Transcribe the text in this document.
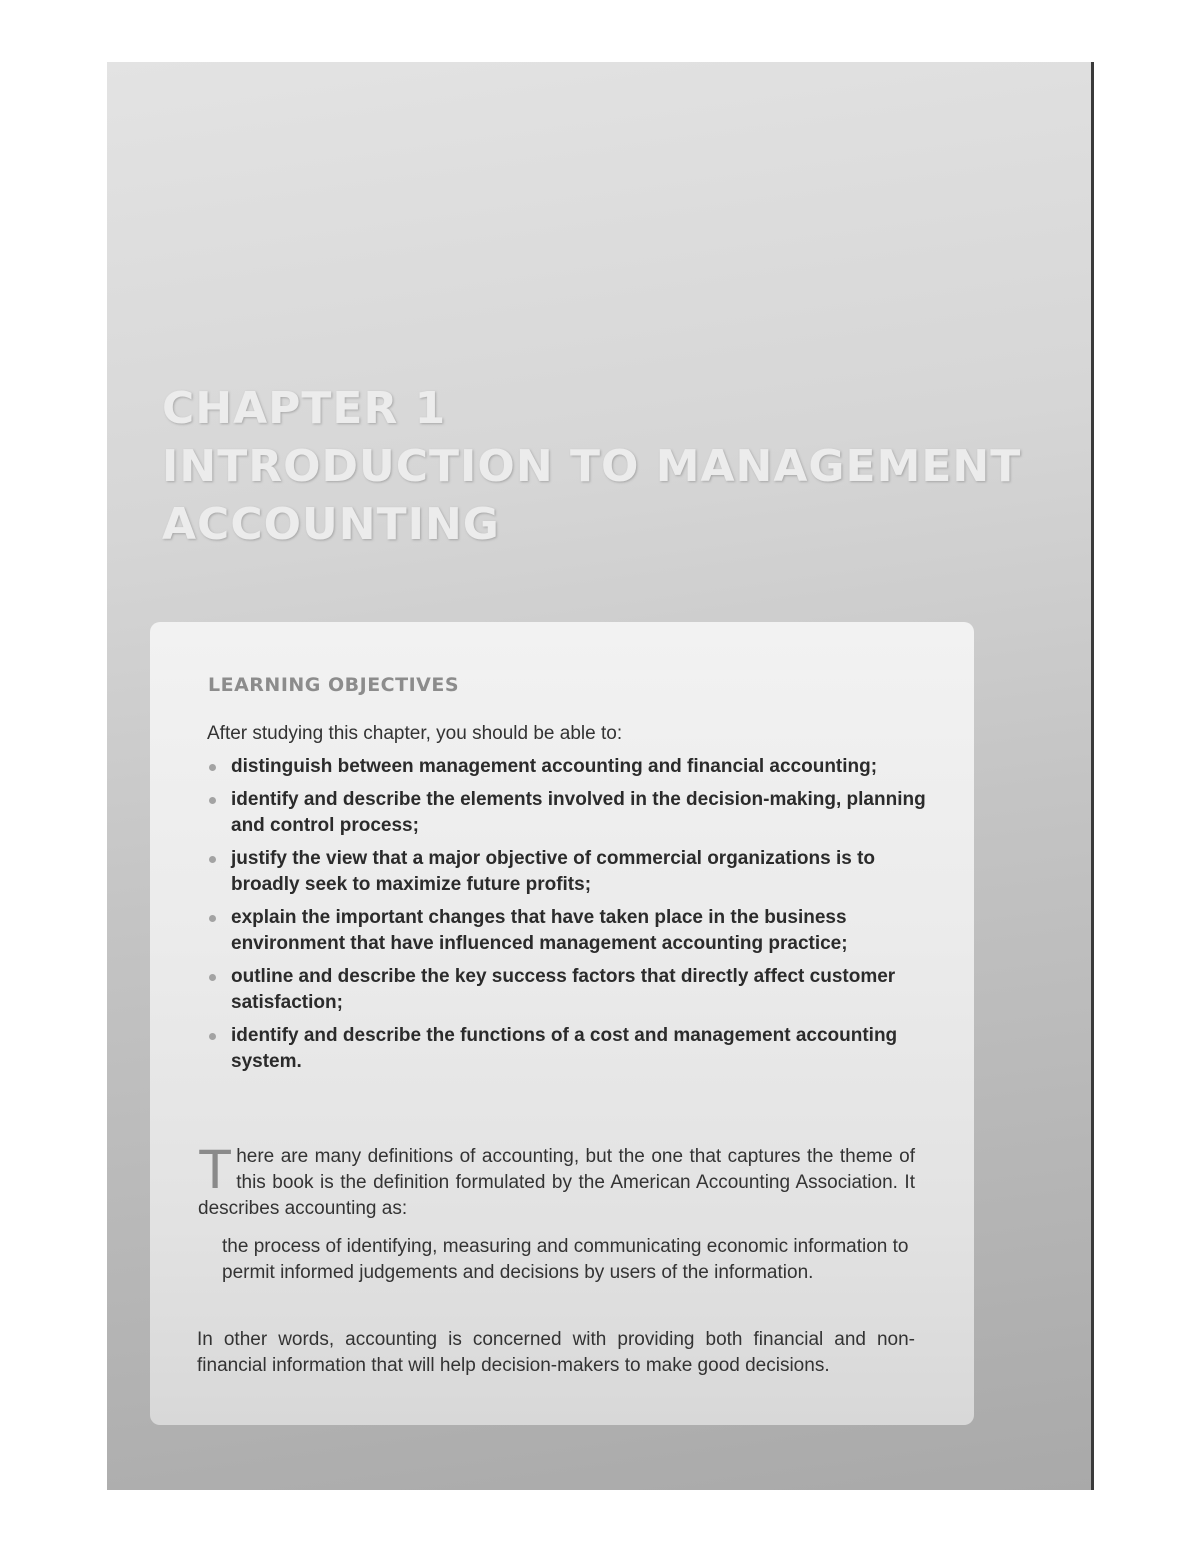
CHAPTER 1
INTRODUCTION TO MANAGEMENT
ACCOUNTING
LEARNING OBJECTIVES
After studying this chapter, you should be able to:
distinguish between management accounting and financial accounting;
identify and describe the elements involved in the decision-making, planning and control process;
justify the view that a major objective of commercial organizations is to broadly seek to maximize future profits;
explain the important changes that have taken place in the business environment that have influenced management accounting practice;
outline and describe the key success factors that directly affect customer satisfaction;
identify and describe the functions of a cost and management accounting system.
There are many definitions of accounting, but the one that captures the theme of this book is the definition formulated by the American Accounting Association. It describes accounting as:
the process of identifying, measuring and communicating economic information to permit informed judgements and decisions by users of the information.
In other words, accounting is concerned with providing both financial and non-financial information that will help decision-makers to make good decisions.
